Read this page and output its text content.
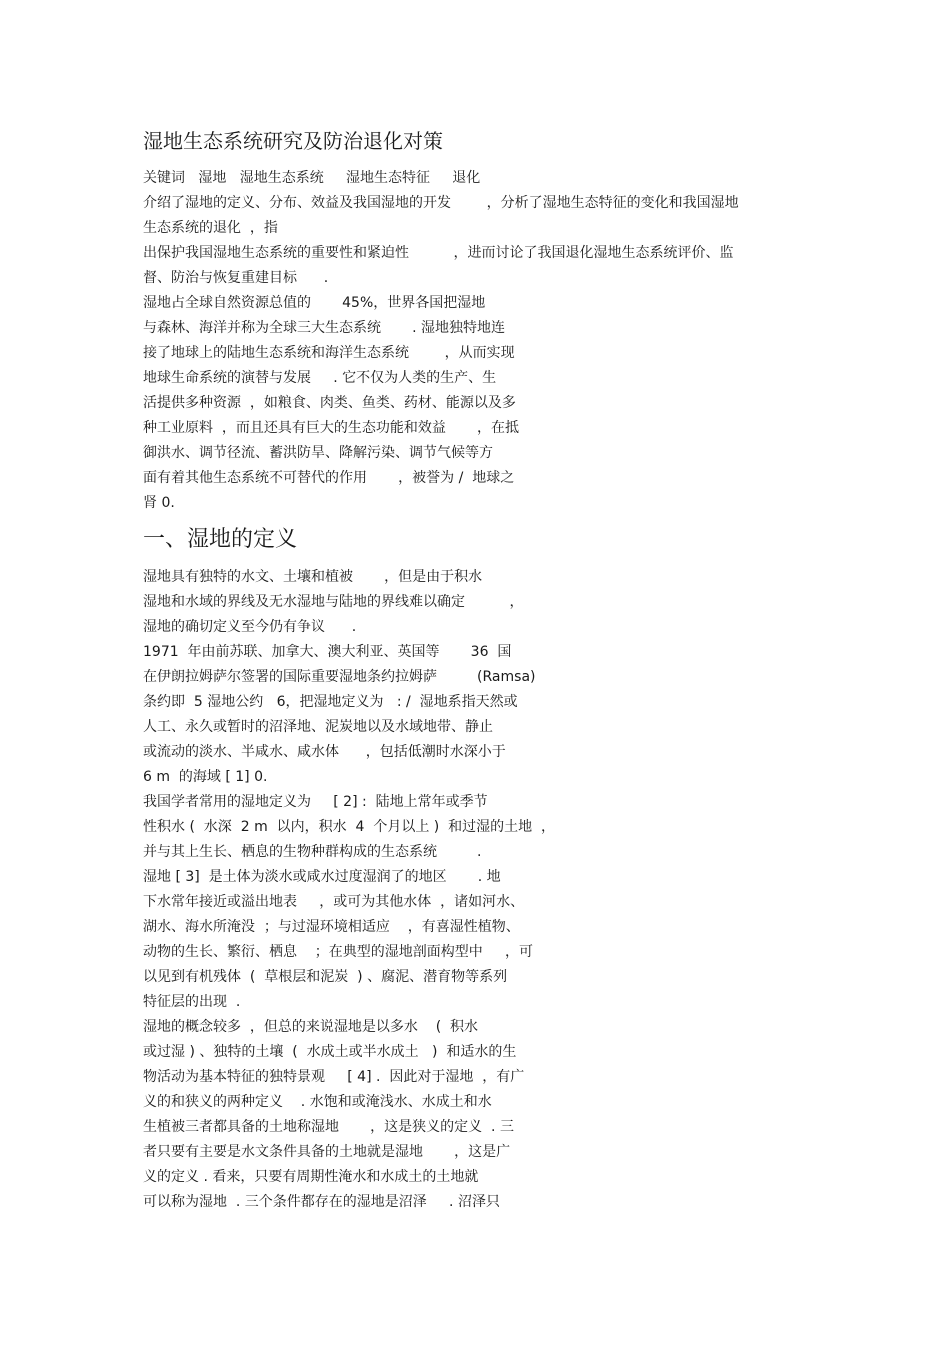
湿地生态系统研究及防治退化对策
关键词   湿地   湿地生态系统     湿地生态特征     退化
介绍了湿地的定义、分布、效益及我国湿地的开发        ，分析了湿地生态特征的变化和我国湿地
生态系统的退化  ，指
出保护我国湿地生态系统的重要性和紧迫性          ，进而讨论了我国退化湿地生态系统评价、监
督、防治与恢复重建目标      .
湿地占全球自然资源总值的       45%，世界各国把湿地
与森林、海洋并称为全球三大生态系统       . 湿地独特地连
接了地球上的陆地生态系统和海洋生态系统        ，从而实现
地球生命系统的演替与发展     . 它不仅为人类的生产、生
活提供多种资源  ，如粮食、肉类、鱼类、药材、能源以及多
种工业原料  ，而且还具有巨大的生态功能和效益       ，在抵
御洪水、调节径流、蓄洪防旱、降解污染、调节气候等方
面有着其他生态系统不可替代的作用       ，被誉为 /  地球之
肾 0.
一、湿地的定义
湿地具有独特的水文、土壤和植被       ，但是由于积水
湿地和水域的界线及无水湿地与陆地的界线难以确定          ，
湿地的确切定义至今仍有争议      .
1971  年由前苏联、加拿大、澳大利亚、英国等       36  国
在伊朗拉姆萨尔签署的国际重要湿地条约拉姆萨         (Ramsa)
条约即  5 湿地公约   6，把湿地定义为   : /  湿地系指天然或
人工、永久或暂时的沼泽地、泥炭地以及水域地带、静止
或流动的淡水、半咸水、咸水体      ，包括低潮时水深小于
6 m  的海域 [ 1] 0.
我国学者常用的湿地定义为     [ 2] :  陆地上常年或季节
性积水 (  水深  2 m  以内，积水  4  个月以上 )  和过湿的土地  ，
并与其上生长、栖息的生物种群构成的生态系统         .
湿地 [ 3]  是土体为淡水或咸水过度湿润了的地区       . 地
下水常年接近或溢出地表     ，或可为其他水体  ，诸如河水、
湖水、海水所淹没  ；与过湿环境相适应    ，有喜湿性植物、
动物的生长、繁衍、栖息    ；在典型的湿地剖面构型中     ，可
以见到有机残体  (  草根层和泥炭  ) 、腐泥、潜育物等系列
特征层的出现  .
湿地的概念较多  ，但总的来说湿地是以多水    (  积水
或过湿 ) 、独特的土壤  (  水成土或半水成土   )  和适水的生
物活动为基本特征的独特景观     [ 4] .  因此对于湿地  ，有广
义的和狭义的两种定义    . 水饱和或淹浅水、水成土和水
生植被三者都具备的土地称湿地       ，这是狭义的定义  . 三
者只要有主要是水文条件具备的土地就是湿地       ，这是广
义的定义 . 看来，只要有周期性淹水和水成土的土地就
可以称为湿地  . 三个条件都存在的湿地是沼泽     . 沼泽只
